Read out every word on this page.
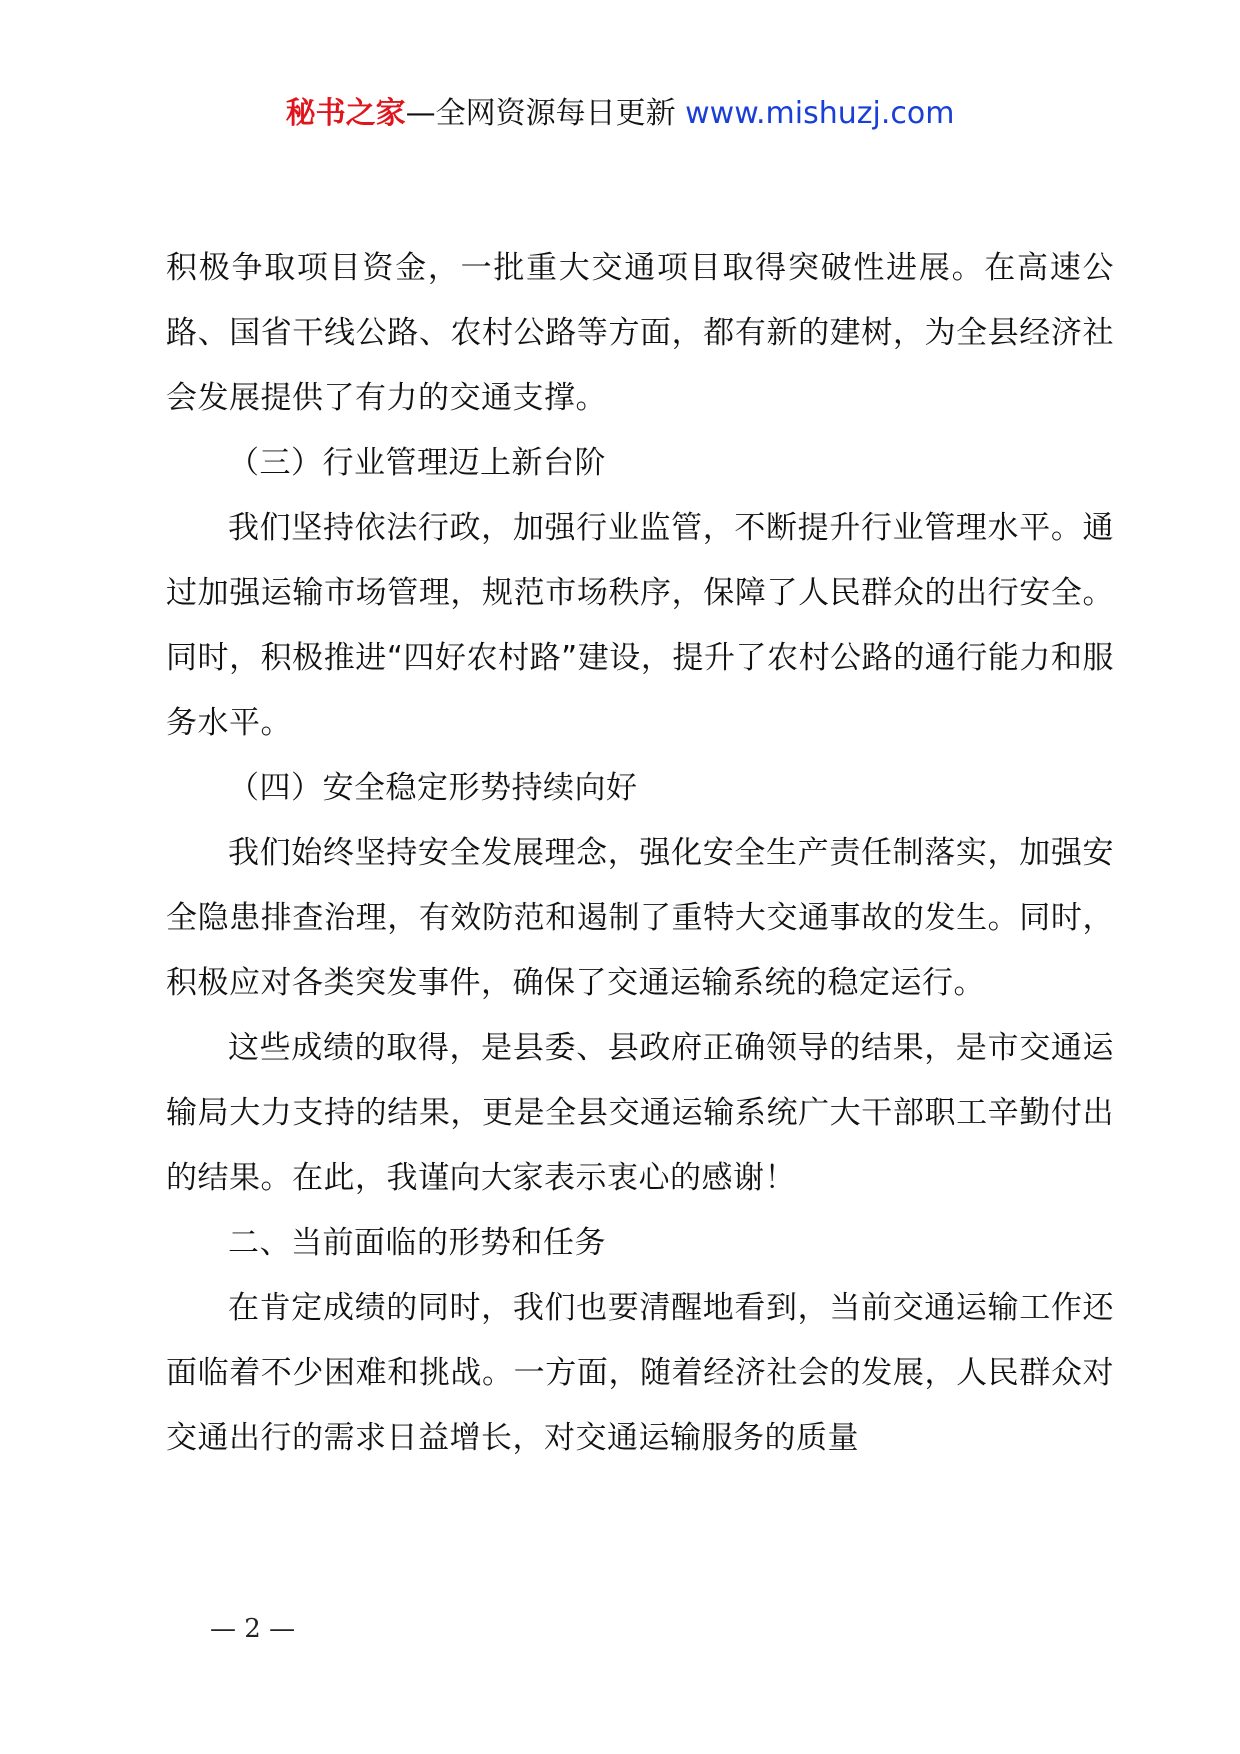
秘书之家—全网资源每日更新 www.mishuzj.com

积极争取项目资金，一批重大交通项目取得突破性进展。在高速公路、国省干线公路、农村公路等方面，都有新的建树，为全县经济社会发展提供了有力的交通支撑。

（三）行业管理迈上新台阶

我们坚持依法行政，加强行业监管，不断提升行业管理水平。通过加强运输市场管理，规范市场秩序，保障了人民群众的出行安全。同时，积极推进“四好农村路”建设，提升了农村公路的通行能力和服务水平。

（四）安全稳定形势持续向好

我们始终坚持安全发展理念，强化安全生产责任制落实，加强安全隐患排查治理，有效防范和遏制了重特大交通事故的发生。同时，积极应对各类突发事件，确保了交通运输系统的稳定运行。

这些成绩的取得，是县委、县政府正确领导的结果，是市交通运输局大力支持的结果，更是全县交通运输系统广大干部职工辛勤付出的结果。在此，我谨向大家表示衷心的感谢！

二、当前面临的形势和任务

在肯定成绩的同时，我们也要清醒地看到，当前交通运输工作还面临着不少困难和挑战。一方面，随着经济社会的发展，人民群众对交通出行的需求日益增长，对交通运输服务的质量

— 2 —
